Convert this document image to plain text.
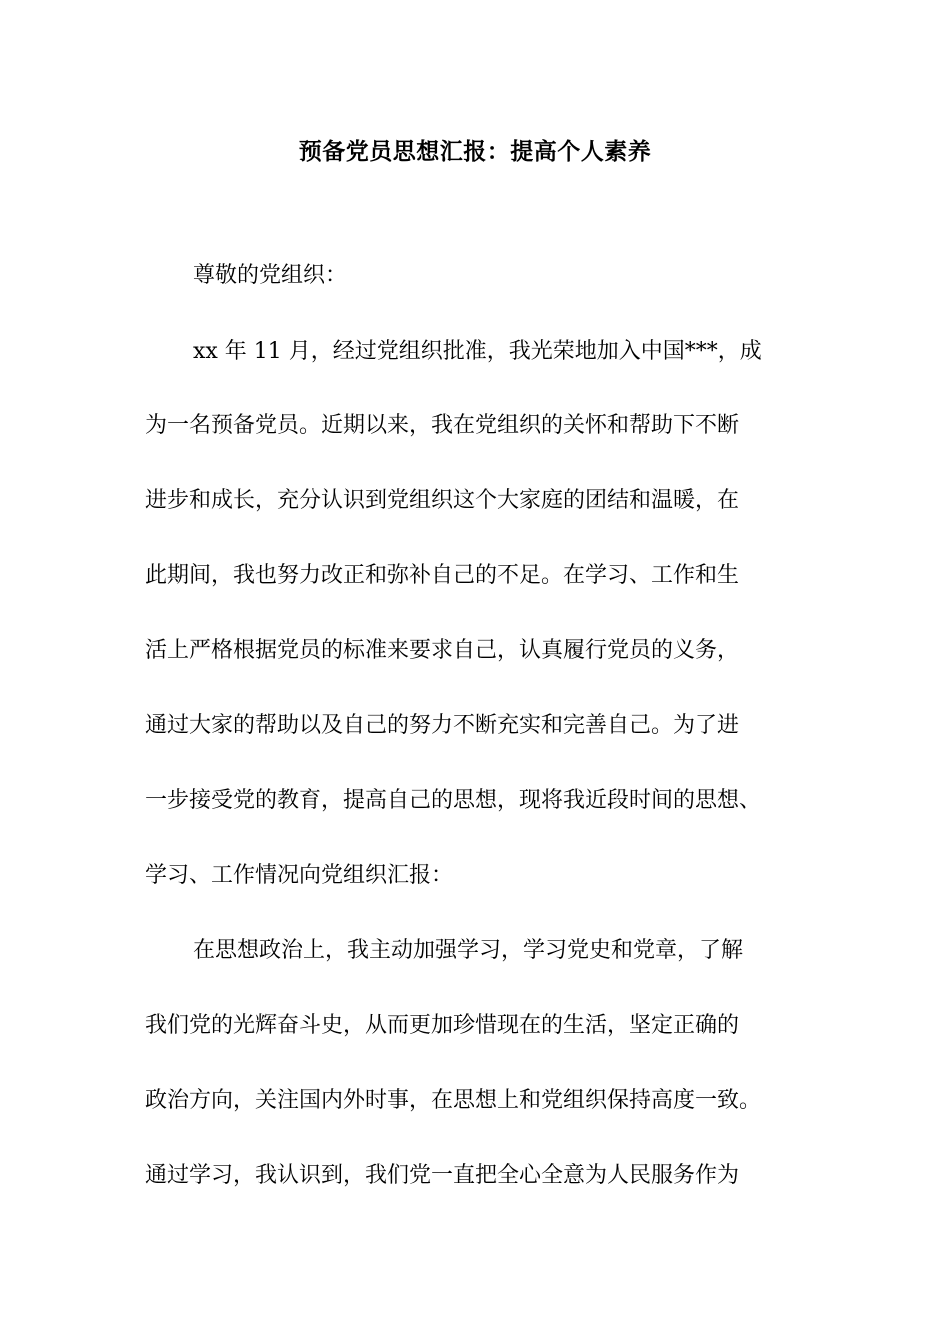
预备党员思想汇报：提高个人素养
尊敬的党组织：
xx 年 11 月，经过党组织批准，我光荣地加入中国***，成
为一名预备党员。近期以来，我在党组织的关怀和帮助下不断
进步和成长，充分认识到党组织这个大家庭的团结和温暖，在
此期间，我也努力改正和弥补自己的不足。在学习、工作和生
活上严格根据党员的标准来要求自己，认真履行党员的义务，
通过大家的帮助以及自己的努力不断充实和完善自己。为了进
一步接受党的教育，提高自己的思想，现将我近段时间的思想、
学习、工作情况向党组织汇报：
在思想政治上，我主动加强学习，学习党史和党章，了解
我们党的光辉奋斗史，从而更加珍惜现在的生活，坚定正确的
政治方向，关注国内外时事，在思想上和党组织保持高度一致。
通过学习，我认识到，我们党一直把全心全意为人民服务作为
